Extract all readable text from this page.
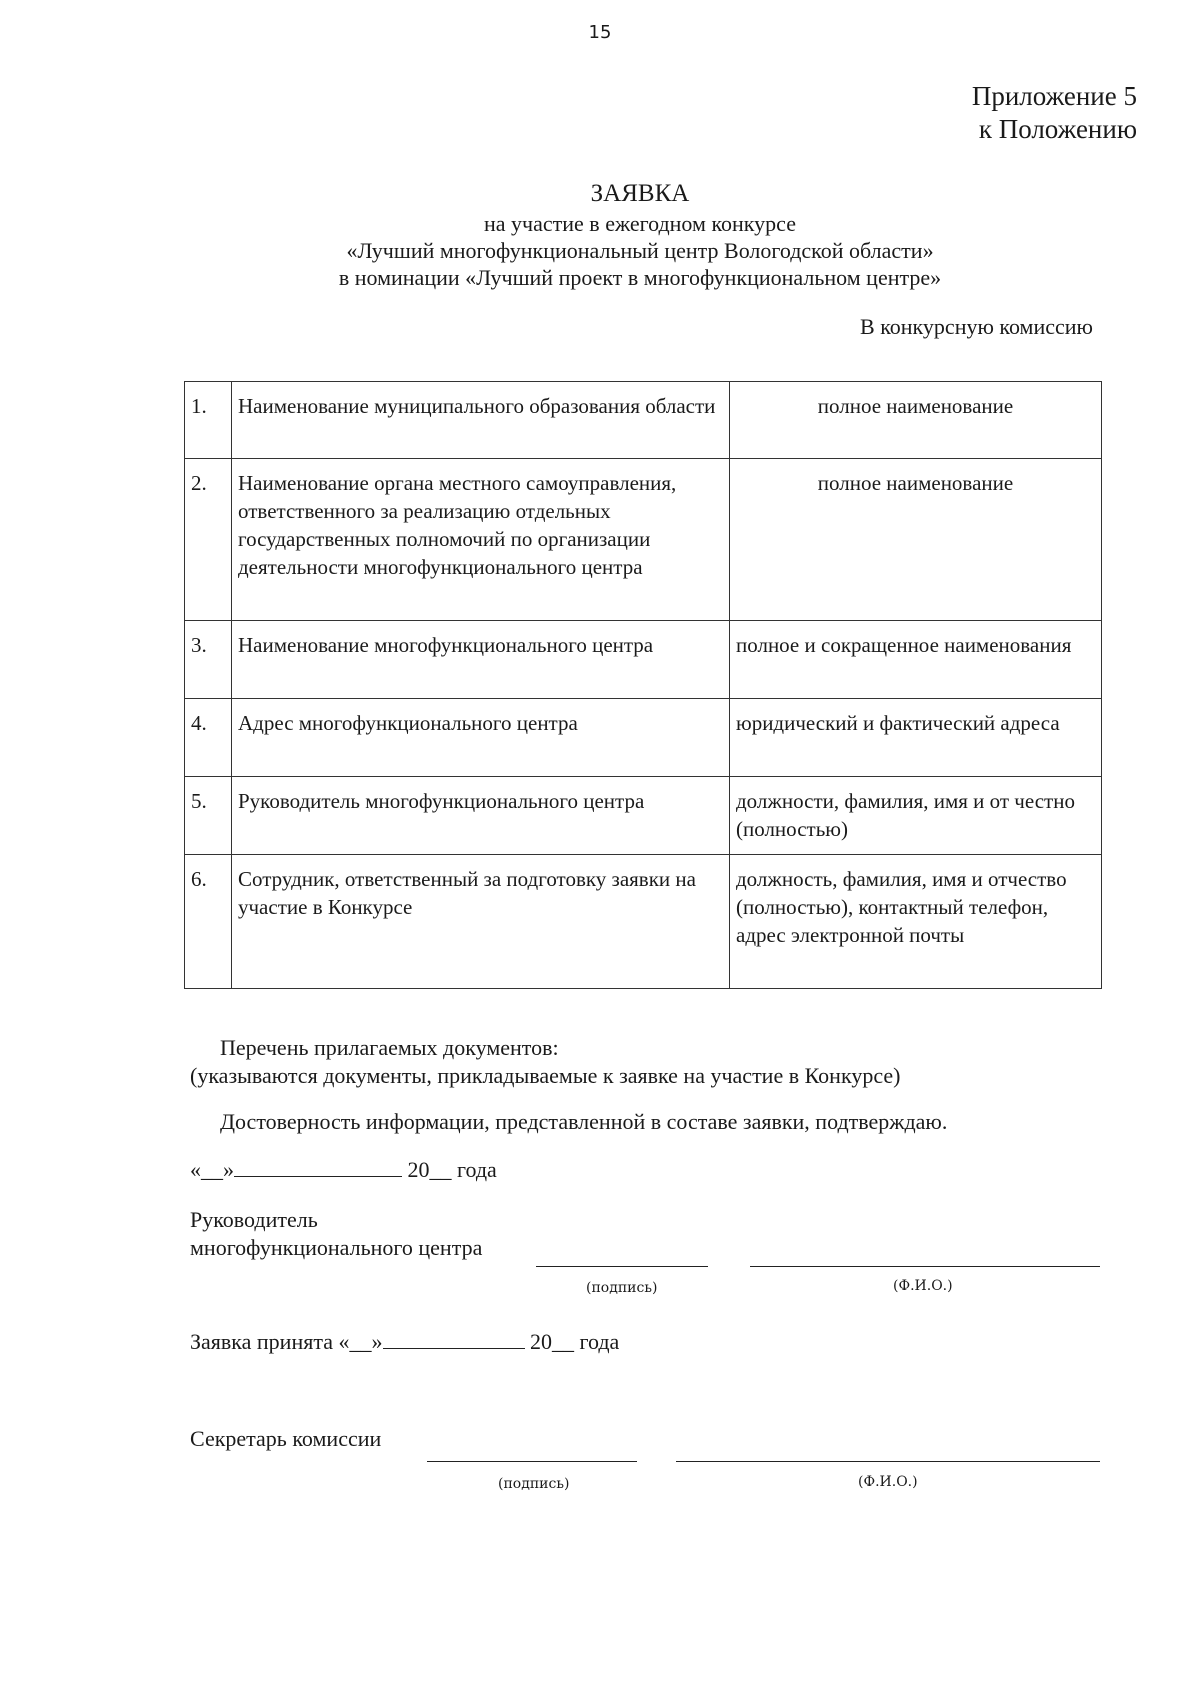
15
Приложение 5
к Положению
ЗАЯВКА
на участие в ежегодном конкурсе
«Лучший многофункциональный центр Вологодской области»
в номинации «Лучший проект в многофункциональном центре»
В конкурсную комиссию
1.	Наименование муниципального образования области	полное наименование
2.	Наименование органа местного самоуправления, ответственного за реализацию отдельных государственных полномочий по организации деятельности многофункционального центра	полное наименование
3.	Наименование многофункционального центра	полное и сокращенное наименования
4.	Адрес многофункционального центра	юридический и фактический адреса
5.	Руководитель многофункционального центра	должности, фамилия, имя и от честно (полностью)
6.	Сотрудник, ответственный за подготовку заявки на участие в Конкурсе	должность, фамилия, имя и отчество (полностью), контактный телефон, адрес электронной почты
Перечень прилагаемых документов:
(указываются документы, прикладываемые к заявке на участие в Конкурсе)
Достоверность информации, представленной в составе заявки, подтверждаю.
«__»	20__ года
Руководитель
многофункционального центра
(подпись)	(Ф.И.О.)
Заявка принята «__»	20__ года
Секретарь комиссии
(подпись)	(Ф.И.О.)
